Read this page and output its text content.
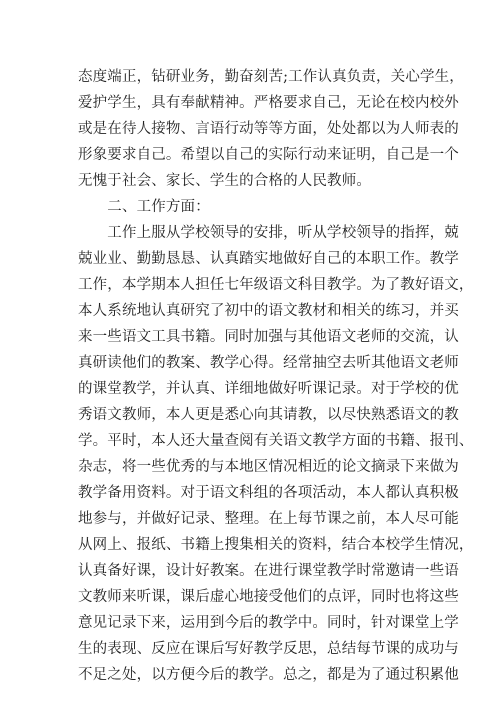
态度端正，钻研业务，勤奋刻苦;工作认真负责，关心学生，
爱护学生，具有奉献精神。严格要求自己，无论在校内校外
或是在待人接物、言语行动等等方面，处处都以为人师表的
形象要求自己。希望以自己的实际行动来证明，自己是一个
无愧于社会、家长、学生的合格的人民教师。
　　二、工作方面：
　　工作上服从学校领导的安排，听从学校领导的指挥，兢
兢业业、勤勤恳恳、认真踏实地做好自己的本职工作。教学
工作，本学期本人担任七年级语文科目教学。为了教好语文，
本人系统地认真研究了初中的语文教材和相关的练习，并买
来一些语文工具书籍。同时加强与其他语文老师的交流，认
真研读他们的教案、教学心得。经常抽空去听其他语文老师
的课堂教学，并认真、详细地做好听课记录。对于学校的优
秀语文教师，本人更是悉心向其请教，以尽快熟悉语文的教
学。平时，本人还大量查阅有关语文教学方面的书籍、报刊、
杂志，将一些优秀的与本地区情况相近的论文摘录下来做为
教学备用资料。对于语文科组的各项活动，本人都认真积极
地参与，并做好记录、整理。在上每节课之前，本人尽可能
从网上、报纸、书籍上搜集相关的资料，结合本校学生情况，
认真备好课，设计好教案。在进行课堂教学时常邀请一些语
文教师来听课，课后虚心地接受他们的点评，同时也将这些
意见记录下来，运用到今后的教学中。同时，针对课堂上学
生的表现、反应在课后写好教学反思，总结每节课的成功与
不足之处，以方便今后的教学。总之，都是为了通过积累他
